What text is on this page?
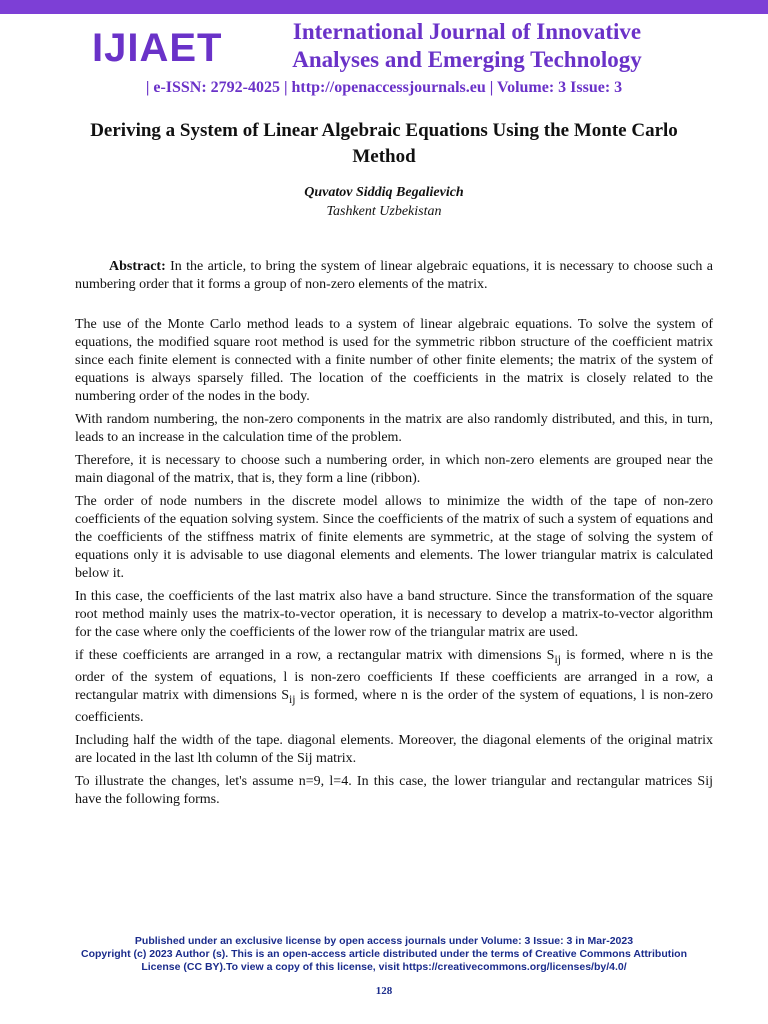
IJIAET	International Journal of Innovative
Analyses and Emerging Technology
| e-ISSN: 2792-4025 | http://openaccessjournals.eu | Volume: 3 Issue: 3
Deriving a System of Linear Algebraic Equations Using the Monte Carlo Method
Quvatov Siddiq Begalievich
Tashkent Uzbekistan

Abstract: In the article, to bring the system of linear algebraic equations, it is necessary to choose such a numbering order that it forms a group of non-zero elements of the matrix.

The use of the Monte Carlo method leads to a system of linear algebraic equations. To solve the system of equations, the modified square root method is used for the symmetric ribbon structure of the coefficient matrix since each finite element is connected with a finite number of other finite elements; the matrix of the system of equations is always sparsely filled. The location of the coefficients in the matrix is closely related to the numbering order of the nodes in the body.

With random numbering, the non-zero components in the matrix are also randomly distributed, and this, in turn, leads to an increase in the calculation time of the problem.

Therefore, it is necessary to choose such a numbering order, in which non-zero elements are grouped near the main diagonal of the matrix, that is, they form a line (ribbon).

The order of node numbers in the discrete model allows to minimize the width of the tape of non-zero coefficients of the equation solving system. Since the coefficients of the matrix of such a system of equations and the coefficients of the stiffness matrix of finite elements are symmetric, at the stage of solving the system of equations only it is advisable to use diagonal elements and elements. The lower triangular matrix is calculated below it.

In this case, the coefficients of the last matrix also have a band structure. Since the transformation of the square root method mainly uses the matrix-to-vector operation, it is necessary to develop a matrix-to-vector algorithm for the case where only the coefficients of the lower row of the triangular matrix are used.

if these coefficients are arranged in a row, a rectangular matrix with dimensions $S_{ij}$ is formed, where n is the order of the system of equations, l is non-zero coefficients If these coefficients are arranged in a row, a rectangular matrix with dimensions $S_{ij}$ is formed, where n is the order of the system of equations, l is non-zero coefficients.

Including half the width of the tape. diagonal elements. Moreover, the diagonal elements of the original matrix are located in the last lth column of the Sij matrix.

To illustrate the changes, let's assume n=9, l=4. In this case, the lower triangular and rectangular matrices Sij have the following forms.

Published under an exclusive license by open access journals under Volume: 3 Issue: 3 in Mar-2023
Copyright (c) 2023 Author (s). This is an open-access article distributed under the terms of Creative Commons Attribution
License (CC BY).To view a copy of this license, visit https://creativecommons.org/licenses/by/4.0/
128
